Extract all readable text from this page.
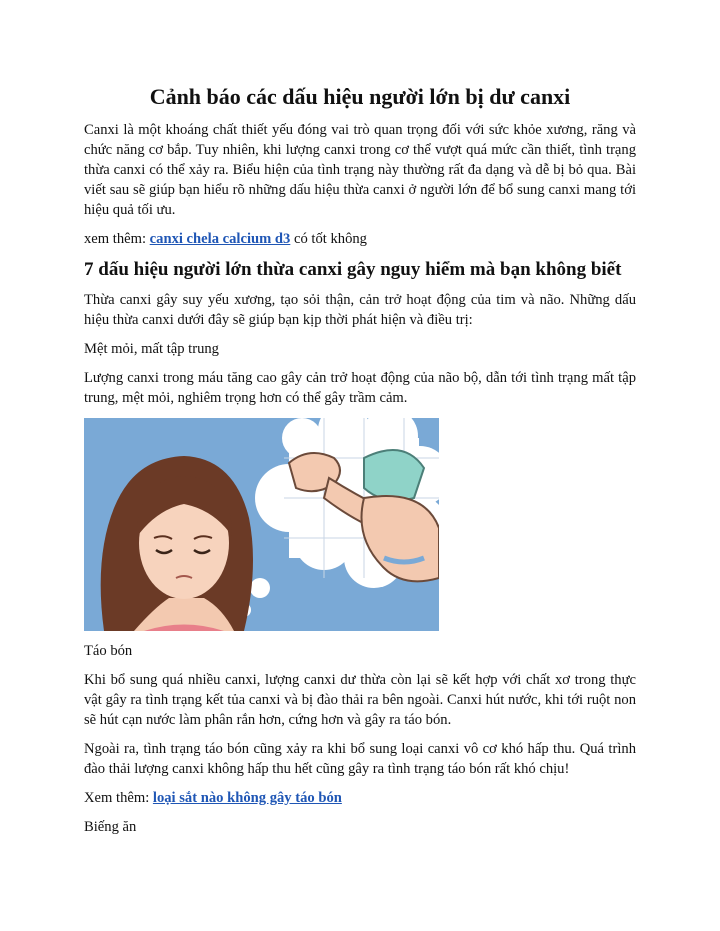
Cảnh báo các dấu hiệu người lớn bị dư canxi

Canxi là một khoáng chất thiết yếu đóng vai trò quan trọng đối với sức khỏe xương, răng và chức năng cơ bắp. Tuy nhiên, khi lượng canxi trong cơ thể vượt quá mức cần thiết, tình trạng thừa canxi có thể xảy ra. Biểu hiện của tình trạng này thường rất đa dạng và dễ bị bỏ qua. Bài viết sau sẽ giúp bạn hiểu rõ những dấu hiệu thừa canxi ở người lớn để bổ sung canxi mang tới hiệu quả tối ưu.

xem thêm: canxi chela calcium d3 có tốt không

7 dấu hiệu người lớn thừa canxi gây nguy hiểm mà bạn không biết

Thừa canxi gây suy yếu xương, tạo sỏi thận, cản trở hoạt động của tim và não. Những dấu hiệu thừa canxi dưới đây sẽ giúp bạn kịp thời phát hiện và điều trị:

Mệt mỏi, mất tập trung

Lượng canxi trong máu tăng cao gây cản trở hoạt động của não bộ, dẫn tới tình trạng mất tập trung, mệt mỏi, nghiêm trọng hơn có thể gây trầm cảm.

Táo bón

Khi bổ sung quá nhiều canxi, lượng canxi dư thừa còn lại sẽ kết hợp với chất xơ trong thực vật gây ra tình trạng kết tủa canxi và bị đào thải ra bên ngoài. Canxi hút nước, khi tới ruột non sẽ hút cạn nước làm phân rắn hơn, cứng hơn và gây ra táo bón.

Ngoài ra, tình trạng táo bón cũng xảy ra khi bổ sung loại canxi vô cơ khó hấp thu. Quá trình đào thải lượng canxi không hấp thu hết cũng gây ra tình trạng táo bón rất khó chịu!

Xem thêm: loại sắt nào không gây táo bón

Biếng ăn
